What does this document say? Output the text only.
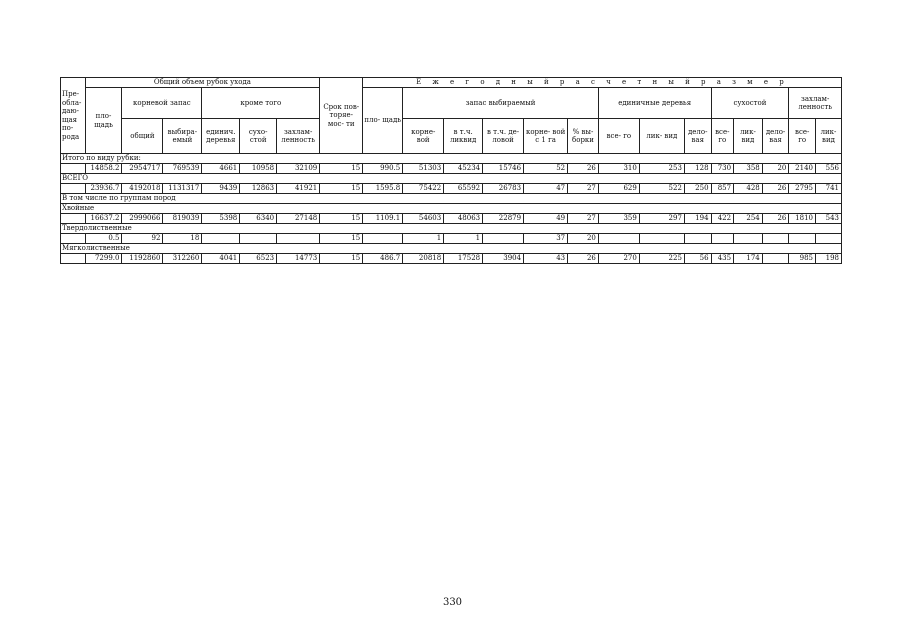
Пре- обла- даю- щая по- рода	Общий объем рубок ухода						Срок пов- торяе- мос- ти	Е ж е г о д н ы й р а с ч е т н ы й р а з м е р													
	пло- щадь	корневой запас		кроме того				пло- щадь	запас выбираемый					единичные деревья			сухостой			захлам- ленность	
		общий	выбира- емый	единич. деревья	сухо- стой	захлам- ленность			корне- вой	в т.ч. ликвид	в т.ч. де- ловой	корне- вой с 1 га	% вы- борки	все- го	лик- вид	дело- вая	все- го	лик- вид	дело- вая	все- го	лик- вид
Итого по виду рубки:																					
	14858.2	2954717	769539	4661	10958	32109	15	990.5	51303	45234	15746	52	26	310	253	128	730	358	20	2140	556
ВСЕГО																					
	23936.7	4192018	1131317	9439	12863	41921	15	1595.8	75422	65592	26783	47	27	629	522	250	857	428	26	2795	741
В том числе по группам пород																					
Хвойные																					
	16637.2	2999066	819039	5398	6340	27148	15	1109.1	54603	48063	22879	49	27	359	297	194	422	254	26	1810	543
Твердолиственные																					
	0.5	92	18				15		1	1		37	20								
Мягколиственные																					
	7299.0	1192860	312260	4041	6523	14773	15	486.7	20818	17528	3904	43	26	270	225	56	435	174		985	198
330
